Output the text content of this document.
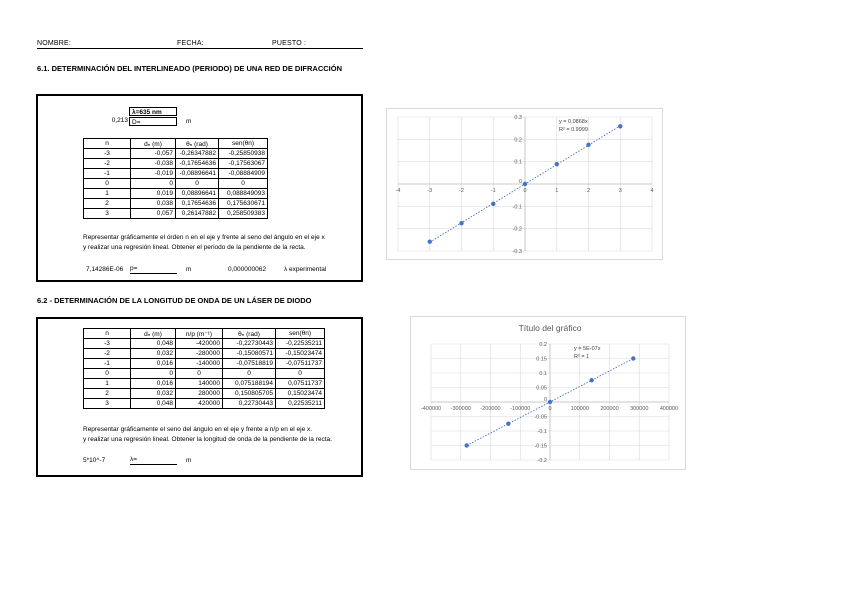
NOMBRE:	FECHA:	PUESTO :
6.1. DETERMINACIÓN DEL INTERLINEADO (PERIODO) DE UNA RED DE DIFRACCIÓN
λ=635 nm
0,213 D=	m
n	dₙ (m)	θₙ (rad)	sen(θn)
-3	-0,057	-0,26347882	-0,25850938
-2	-0,038	-0,17654636	-0,17563067
-1	-0,019	-0,08896641	-0,08884909
0	0	0	0
1	0,019	0,08896641	0,088849093
2	0,038	0,17654636	0,175630671
3	0,057	0,26147882	0,258509383
Representar gráficamente el órden n en el eje y frente al seno del ángulo en el eje x
y realizar una regresión lineal. Obtener el periodo de la pendiente de la recta.
7,14286E-06 p=	m	0,000000062	λ experimental
6.2 - DETERMINACIÓN DE LA LONGITUD DE ONDA DE UN LÁSER DE DIODO
n	dₙ (m)	n/p (m⁻¹)	θₙ (rad)	sen(θn)
-3	0,048	-420000	-0,22730443	-0,22535211
-2	0,032	-280000	-0,15080571	-0,15023474
-1	0,016	-140000	-0,07518819	-0,07511737
0	0	0	0	0
1	0,016	140000	0,075188194	0,07511737
2	0,032	280000	0,150805705	0,15023474
3	0,048	420000	0,22730443	0,22535211
Representar gráficamente el seno del ángulo en el eje y frente a n/p en el eje x.
y realizar una regresión lineal. Obtener la longitud de onda de la pendiente de la recta.
5*10^-7	λ=	m
-4	-3	-2	-1	0	1	2	3	4
0.3
0.2
0.1
-0.1
-0.2
-0.3
0
y = 0.0868x
R² = 0.9999
-400000 -300000 -200000 -100000	0	100000 200000 300000 400000
0.2
0.15
0.1
0.05
-0.05
-0.1
-0.15
-0.2
0
y = 5E-07x
R² = 1
Título del gráfico
